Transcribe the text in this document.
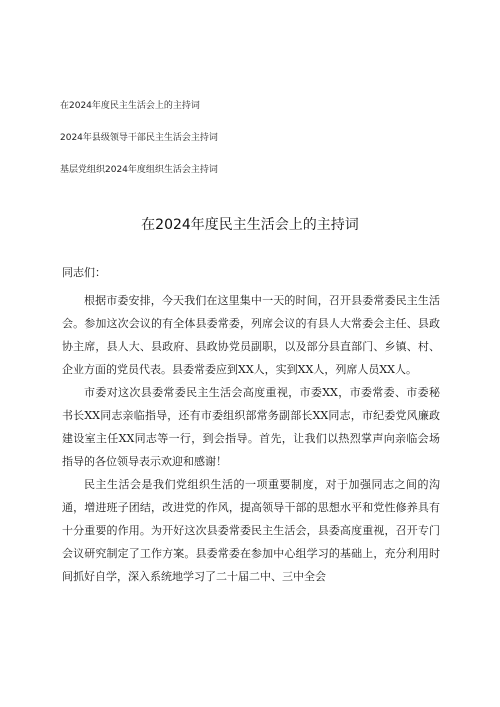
在2024年度民主生活会上的主持词
2024年县级领导干部民主生活会主持词
基层党组织2024年度组织生活会主持词
在2024年度民主生活会上的主持词
同志们：

根据市委安排，今天我们在这里集中一天的时间，召开县委常委民主生活会。参加这次会议的有全体县委常委，列席会议的有县人大常委会主任、县政协主席，县人大、县政府、县政协党员副职，以及部分县直部门、乡镇、村、企业方面的党员代表。县委常委应到XX人，实到XX人，列席人员XX人。

市委对这次县委常委民主生活会高度重视，市委XX，市委常委、市委秘书长XX同志亲临指导，还有市委组织部常务副部长XX同志，市纪委党风廉政建设室主任XX同志等一行，到会指导。首先，让我们以热烈掌声向亲临会场指导的各位领导表示欢迎和感谢！

民主生活会是我们党组织生活的一项重要制度，对于加强同志之间的沟通，增进班子团结，改进党的作风，提高领导干部的思想水平和党性修养具有十分重要的作用。为开好这次县委常委民主生活会，县委高度重视，召开专门会议研究制定了工作方案。县委常委在参加中心组学习的基础上，充分利用时间抓好自学，深入系统地学习了二十届二中、三中全会
